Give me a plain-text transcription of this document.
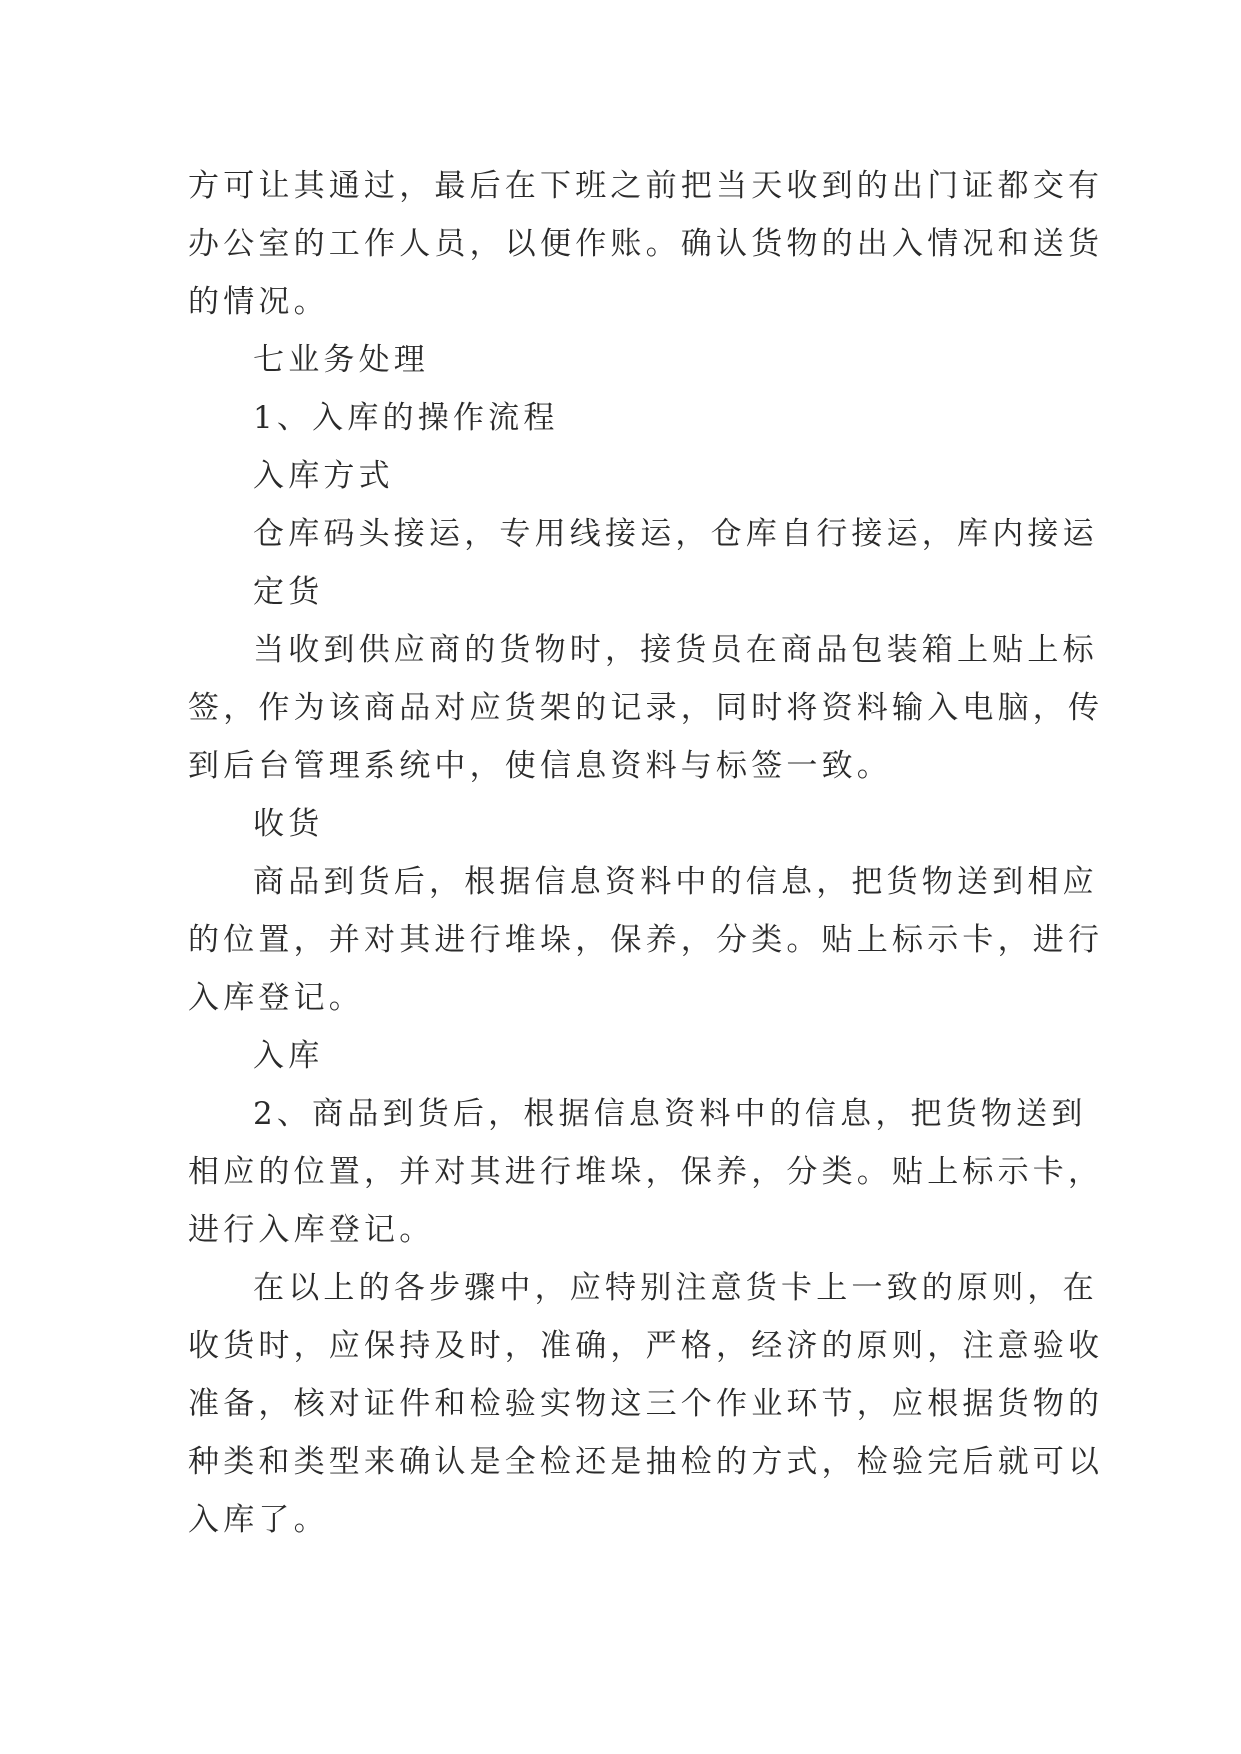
方可让其通过，最后在下班之前把当天收到的出门证都交有
办公室的工作人员，以便作账。确认货物的出入情况和送货
的情况。
七业务处理
1、入库的操作流程
入库方式
仓库码头接运，专用线接运，仓库自行接运，库内接运
定货
当收到供应商的货物时，接货员在商品包装箱上贴上标
签，作为该商品对应货架的记录，同时将资料输入电脑，传
到后台管理系统中，使信息资料与标签一致。
收货
商品到货后，根据信息资料中的信息，把货物送到相应
的位置，并对其进行堆垛，保养，分类。贴上标示卡，进行
入库登记。
入库
2、商品到货后，根据信息资料中的信息，把货物送到
相应的位置，并对其进行堆垛，保养，分类。贴上标示卡，
进行入库登记。
在以上的各步骤中，应特别注意货卡上一致的原则，在
收货时，应保持及时，准确，严格，经济的原则，注意验收
准备，核对证件和检验实物这三个作业环节，应根据货物的
种类和类型来确认是全检还是抽检的方式，检验完后就可以
入库了。
